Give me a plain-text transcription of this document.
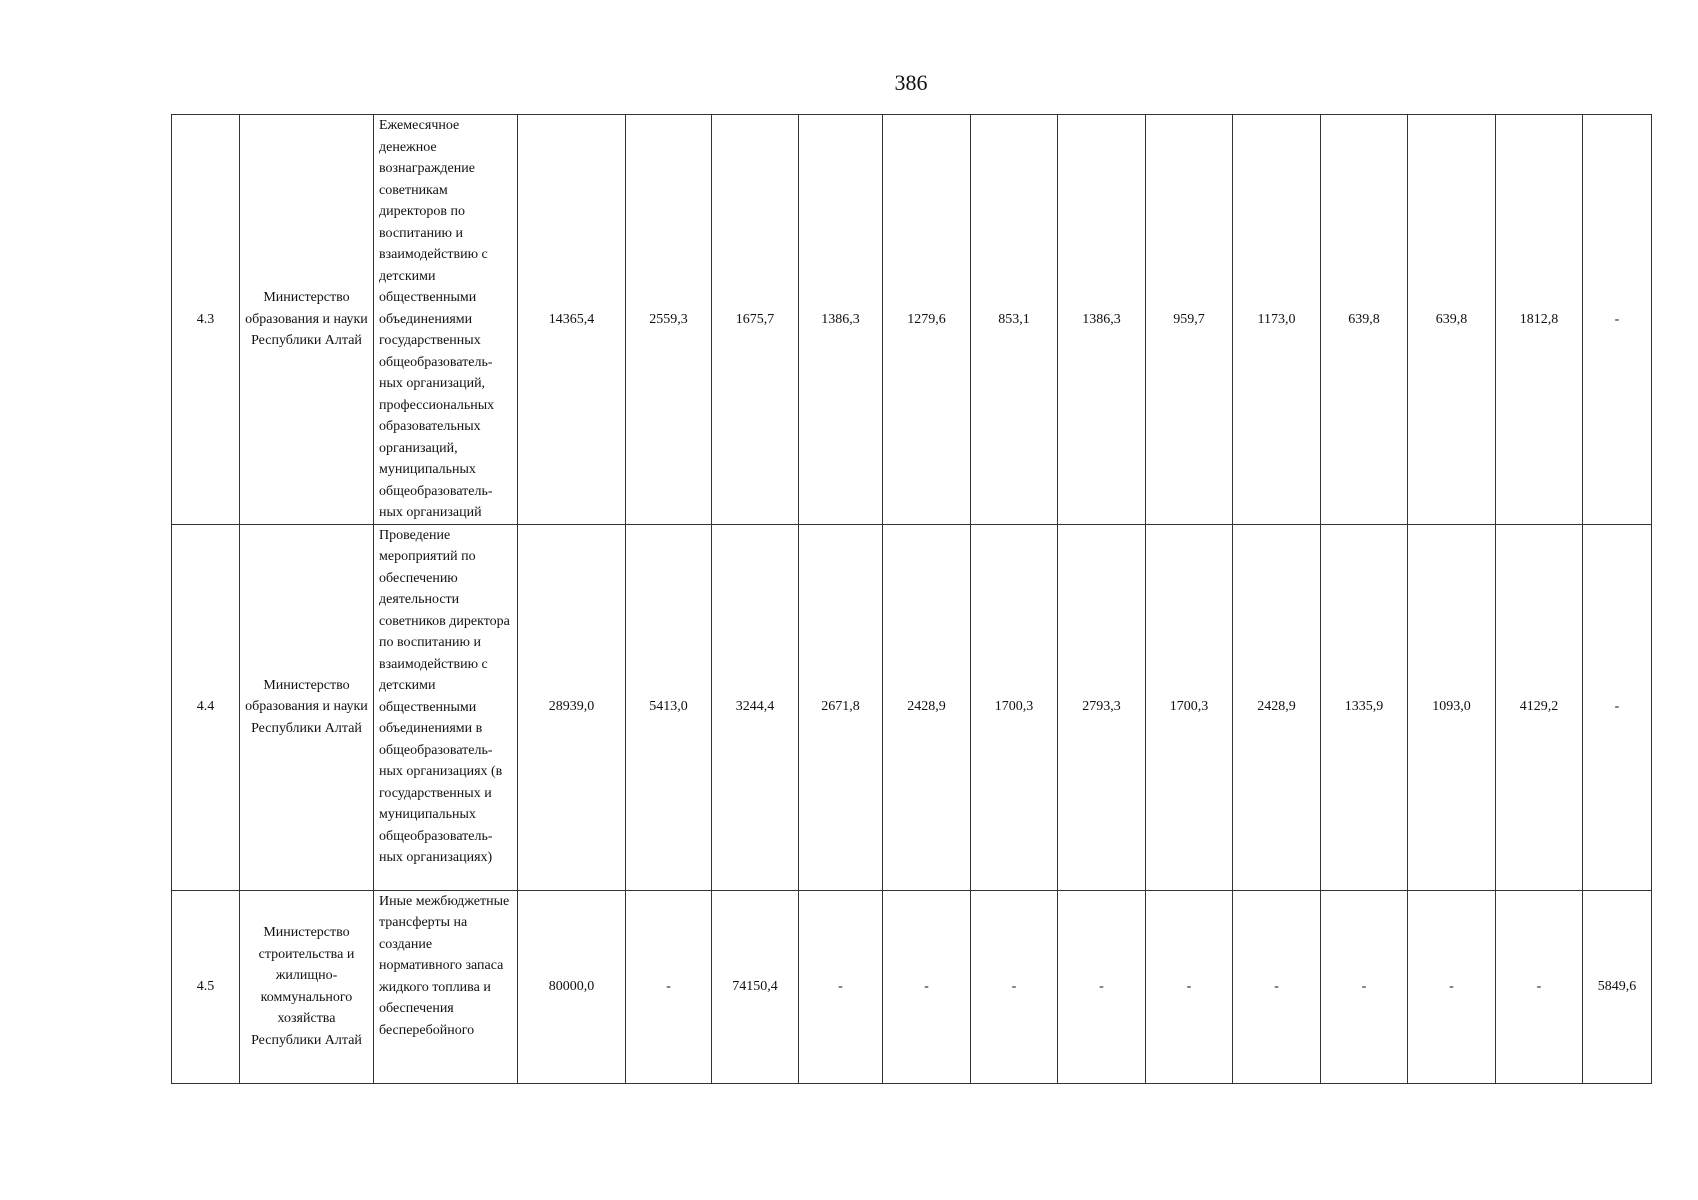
386
4.3	Министерство образования и науки Республики Алтай	Ежемесячное денежное вознаграждение советникам директоров по воспитанию и взаимодействию с детскими общественными объединениями государственных общеобразователь-ных организаций, профессиональных образовательных организаций, муниципальных общеобразователь-ных организаций	14365,4	2559,3	1675,7	1386,3	1279,6	853,1	1386,3	959,7	1173,0	639,8	639,8	1812,8	-
4.4	Министерство образования и науки Республики Алтай	Проведение мероприятий по обеспечению деятельности советников директора по воспитанию и взаимодействию с детскими общественными объединениями в общеобразователь-ных организациях (в государственных и муниципальных общеобразователь-ных организациях)	28939,0	5413,0	3244,4	2671,8	2428,9	1700,3	2793,3	1700,3	2428,9	1335,9	1093,0	4129,2	-
4.5	Министерство строительства и жилищно-коммунального хозяйства Республики Алтай	Иные межбюджетные трансферты на создание нормативного запаса жидкого топлива и обеспечения бесперебойного	80000,0	-	74150,4	-	-	-	-	-	-	-	-	-	5849,6
